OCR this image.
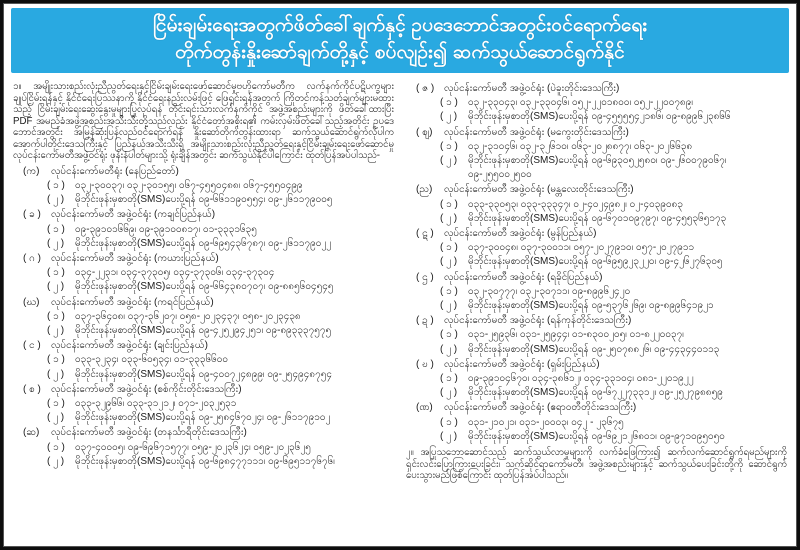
ငြိမ်းချမ်းရေးအတွက်ဖိတ်ခေါ်ချက်နှင့် ဥပဒေဘောင်အတွင်းဝင်ရောက်ရေး
တိုက်တွန်းနှိုးဆော်ချက်တို့နှင့် စပ်လျဉ်း၍ ဆက်သွယ်ဆောင်ရွက်နိုင်

၁။ အမျိုးသားစည်းလုံးညီညွတ်ရေးနှင့်ငြိမ်းချမ်းရေးဖော်ဆောင်မှုဗဟိုကော်မတီက လက်နက်ကိုင်ပဋိပက္ခများ ချုပ်ငြိမ်းရန်နှင့် နိုင်ငံရေးပြဿနာကို နိုင်ငံရေးနည်းလမ်းဖြင့် ဖြေရှင်းရန်အတွက် ကြိုတင်ကန့်သတ်ချက်များမထားသည့် ငြိမ်းချမ်းရေးဆွေးနွေးမှုများပြုလုပ်ရန် တိုင်းရင်းသားလက်နက်ကိုင် အဖွဲ့အစည်းများကို ဖိတ်ခေါ်ထားပြီး PDF အမည်ခံအဖွဲ့အစည်းအသီးသီးတို့သည်လည်း နိုင်ငံတော်အစိုးရ၏ ကမ်းလှမ်းဖိတ်ခေါ်သည့်အတိုင်း ဥပဒေဘောင်အတွင်း အမြန်ဆုံးပြန်လည်ဝင်ရောက်ရန် နှိုးဆော်တိုက်တွန်းထားရာ ဆက်သွယ်ဆောင်ရွက်လိုပါက အောက်ပါတိုင်းဒေသကြီးနှင့် ပြည်နယ်အသီးသီးရှိ အမျိုးသားစည်းလုံးညီညွတ်ရေးနှင့်ငြိမ်းချမ်းရေးဖော်ဆောင်မှုလုပ်ငန်းကော်မတီအဖွဲ့ဝင်ရုံး ဖုန်းနံပါတ်များသို့ ရုံးချိန်အတွင်း ဆက်သွယ်နိုင်ပါကြောင်း ထုတ်ပြန်အပ်ပါသည်-

(က)	လုပ်ငန်းကော်မတီရုံး (နေပြည်တော်)
( ၁ )	၀၃၂-၃၀၀၃၇၊ ၀၃၂-၃၀၁၅၅၊ ၀၆၇-၄၅၅၀၄၈၈၊ ၀၆၇-၄၅၅၀၄၉၉
( ၂ )	မိုဘိုင်းဖုန်းမှစာတို(SMS)ပေးပို့ရန် ၀၉-၆၆၁၁၉၀၅၅၄၊ ၀၉-၂၆၁၁၇၉၀၀၅
( ခ )	လုပ်ငန်းကော်မတီ အဖွဲ့ဝင်ရုံး (ကချင်ပြည်နယ်)
( ၁ )	၀၉-၃၉၁၀၁၆၆၉၊ ၀၉-၃၉၁၀၀၈၁၇၊ ၀၁-၃၃၃၁၆၃၅
( ၂ )	မိုဘိုင်းဖုန်းမှစာတို(SMS)ပေးပို့ရန် ၀၉-၆၉၅၄၃၆၇၈၇၊ ၀၉-၂၆၁၁၇၉၀၂၂
( ဂ )	လုပ်ငန်းကော်မတီ အဖွဲ့ဝင်ရုံး (ကယားပြည်နယ်)
( ၁ )	၀၃၄-၂၂၃၁၊ ၀၃၄-၃၇၃၀၅၊ ၀၃၄-၃၇၃၀၆၊ ၀၃၄-၃၇၃၀၄
( ၂ )	မိုဘိုင်းဖုန်းမှစာတို(SMS)ပေးပို့ရန် ၀၉-၆၆၄၃၈၀၇၀၇၊ ၀၉-၈၈၅၆၀၄၅၄၅
(ဃ)	လုပ်ငန်းကော်မတီ အဖွဲ့ဝင်ရုံး (ကရင်ပြည်နယ်)
( ၁ )	၀၃၇-၃၆၄၀၈၊ ၀၃၇-၃၆၂၀၇၊ ၀၅၈-၂၀၂၃၄၃၇၊ ၀၅၈-၂၀၂၃၄၃၈
( ၂ )	မိုဘိုင်းဖုန်းမှစာတို(SMS)ပေးပို့ရန် ၀၉-၄၂၅၂၉၄၂၅၁၊ ၀၉-၈၉၃၃၃၇၅၇၅
( င )	လုပ်ငန်းကော်မတီ အဖွဲ့ဝင်ရုံး (ချင်းပြည်နယ်)
( ၁ )	၀၃၃-၃၂၃၄၊ ၀၃၃-၆၀၅၃၄၊ ၀၁-၃၃၃၆၆၀၀
( ၂ )	မိုဘိုင်းဖုန်းမှစာတို(SMS)ပေးပို့ရန် ၀၉-၄၀၀၇၂၄၈၉၉၊ ၀၉-၂၅၄၉၄၈၇၅၄
( စ )	လုပ်ငန်းကော်မတီ အဖွဲ့ဝင်ရုံး (စစ်ကိုင်းတိုင်းဒေသကြီး)
( ၁ )	၀၃၃-၃၂၉၆၆၊ ၀၃၃-၃၁၂၁၂၊ ၀၇၁-၂၀၃၂၅၃၁
( ၂ )	မိုဘိုင်းဖုန်းမှစာတို(SMS)ပေးပို့ရန် ၀၉-၂၅၈၄၆၇၀၂၄၊ ၀၉-၂၆၁၁၇၉၁၀၂
(ဆ)	လုပ်ငန်းကော်မတီ အဖွဲ့ဝင်ရုံး (တနင်္သာရီတိုင်းဒေသကြီး)
( ၁ )	၀၃၇-၄၀၀၀၅၊ ၀၉-၆၉၆၇၁၅၇၇၊ ၀၅၉-၂၀၂၃၆၂၄၊ ၀၅၉-၂၀၂၃၆၂၅
( ၂ )	မိုဘိုင်းဖုန်းမှစာတို(SMS)ပေးပို့ရန် ၀၉-၆၉၈၄၇၇၁၁၁၊ ၀၉-၆၉၅၁၁၇၆၇၆၊
( ဇ ) လုပ်ငန်းကော်မတီ အဖွဲ့ဝင်ရုံး (ပဲခူးတိုင်းဒေသကြီး)
( ၁ )	၀၃၂-၃၃၀၄၃၊ ၀၃၂-၃၃၀၄၆၊ ၀၅၂-၂၂၀၁၈၀၀၊ ၀၅၂-၂၂၀၀၇၈၉၊
( ၂ )	မိုဘိုင်းဖုန်းမှစာတို(SMS)ပေးပို့ရန် ၀၉-၄၅၅၅၅၄၂၁၈၆၊ ၀၉-၈၉၉၆၂၃၈၆၆
( ဈ)	လုပ်ငန်းကော်မတီ အဖွဲ့ဝင်ရုံး (မကွေးတိုင်းဒေသကြီး)
( ၁ )	၀၃၂-၃၁၀၄၆၊ ၀၃၂-၃၂၆၁၀၊ ၀၆၃-၂၀၂၈၈၇၇၊ ၀၆၃-၂၀၂၆၆၃၈
( ၂ )	မိုဘိုင်းဖုန်းမှစာတို(SMS)ပေးပို့ရန် ၀၉-၆၉၃၀၅၂၅၈၀၊ ၀၉-၂၆၀၀၇၉၀၆၇၊ ၀၉-၂၅၅၀၀၂၅၀၀
(ည)	လုပ်ငန်းကော်မတီ အဖွဲ့ဝင်ရုံး (မန္တလေးတိုင်းဒေသကြီး)
( ၁ )	၀၃၃-၃၃၀၅၃၊ ၀၃၃-၃၃၃၄၇၊ ၀၂-၄၀၂၄၉၈၂၊ ၀၂-၄၀၃၉၀၈၃
( ၂ )	မိုဘိုင်းဖုန်းမှစာတို(SMS)ပေးပို့ရန် ၀၉-၆၇၀၁၀၉၇၉၇၊ ၀၉-၄၅၅၃၆၅၁၇၃
( ဋ )	လုပ်ငန်းကော်မတီ အဖွဲ့ဝင်ရုံး (မွန်ပြည်နယ်)
( ၁ )	၀၃၇-၃၀၀၄၈၊ ၀၃၇-၃၀၀၁၁၊ ၀၅၇-၂၀၂၇၉၁၀၊ ၀၅၇-၂၀၂၇၉၁၁
( ၂ )	မိုဘိုင်းဖုန်းမှစာတို(SMS)ပေးပို့ရန် ၀၉-၆၉၅၉၂၃၂၂၀၊ ၀၉-၄၂၆၂၇၆၃၀၅
( ဌ )	လုပ်ငန်းကော်မတီ အဖွဲ့ဝင်ရုံး (ရခိုင်ပြည်နယ်)
( ၁ )	၀၃၂-၃၀၇၇၇၊ ၀၃၂-၃၀၇၁၁၊ ၀၉-၈၉၉၆၂၄၂၀
( ၂ )	မိုဘိုင်းဖုန်းမှစာတို(SMS)ပေးပို့ရန် ၀၉-၅၃၇၆၂၆၉၊ ၀၉-၈၉၉၆၄၁၉၂၁
( ဍ )	လုပ်ငန်းကော်မတီ အဖွဲ့ဝင်ရုံး (ရန်ကုန်တိုင်းဒေသကြီး)
( ၁ )	၀၃၁-၂၅၉၃၆၊ ၀၃၁-၂၅၉၄၄၊ ၀၁-၈၃၀၀၂၀၅၊ ၀၁-၈၂၂၀၀၃၇၊
( ၂ )	မိုဘိုင်းဖုန်းမှစာတို(SMS)ပေးပို့ရန် ၀၉-၂၅၀၇၈၈၂၆၊ ၀၉-၄၄၃၄၄၀၁၁၃
( ဎ )	လုပ်ငန်းကော်မတီ အဖွဲ့ဝင်ရုံး (ရှမ်းပြည်နယ်)
( ၁ )	၀၉-၃၉၁၀၄၆၇၀၊ ၀၃၄-၃၈၆၁၂၊ ၀၃၄-၃၃၁၀၄၊ ၀၈၁-၂၂၀၁၉၂၂
( ၂ )	မိုဘိုင်းဖုန်းမှစာတို(SMS)ပေးပို့ရန် ၀၉-၆၇၂၂၇၃၃၁၂၊ ၀၉-၂၅၂၇၉၈၈၅၉
(ဏ)	လုပ်ငန်းကော်မတီ အဖွဲ့ဝင်ရုံး (ဧရာဝတီတိုင်းဒေသကြီး)
( ၁ )	၀၃၁-၂၁၀၂၁၊ ၀၃၁-၂၀၀၀၃၊ ၀၄၂ - ၂၃၆၇၅
( ၂ )	မိုဘိုင်းဖုန်းမှစာတို(SMS)ပေးပို့ရန် ၀၉-၆၉၂၁၂၆၈၀၁၊ ၀၉-၉၇၁၀၉၅၀၅၀

၂။ အပြုသဘောဆောင်သည့် ဆက်သွယ်လာမှုများကို လက်ခံဖြေကြား၍ ဆက်လက်ဆောင်ရွက်ရမည်များကို ရှင်းလင်းပြောကြားပေးခြင်း၊ သက်ဆိုင်ရာကော်မတီ၊ အဖွဲ့အစည်းများနှင့် ဆက်သွယ်ပေးခြင်းတို့ကို ဆောင်ရွက်ပေးသွားမည်ဖြစ်ကြောင်း ထုတ်ပြန်အပ်ပါသည်။
